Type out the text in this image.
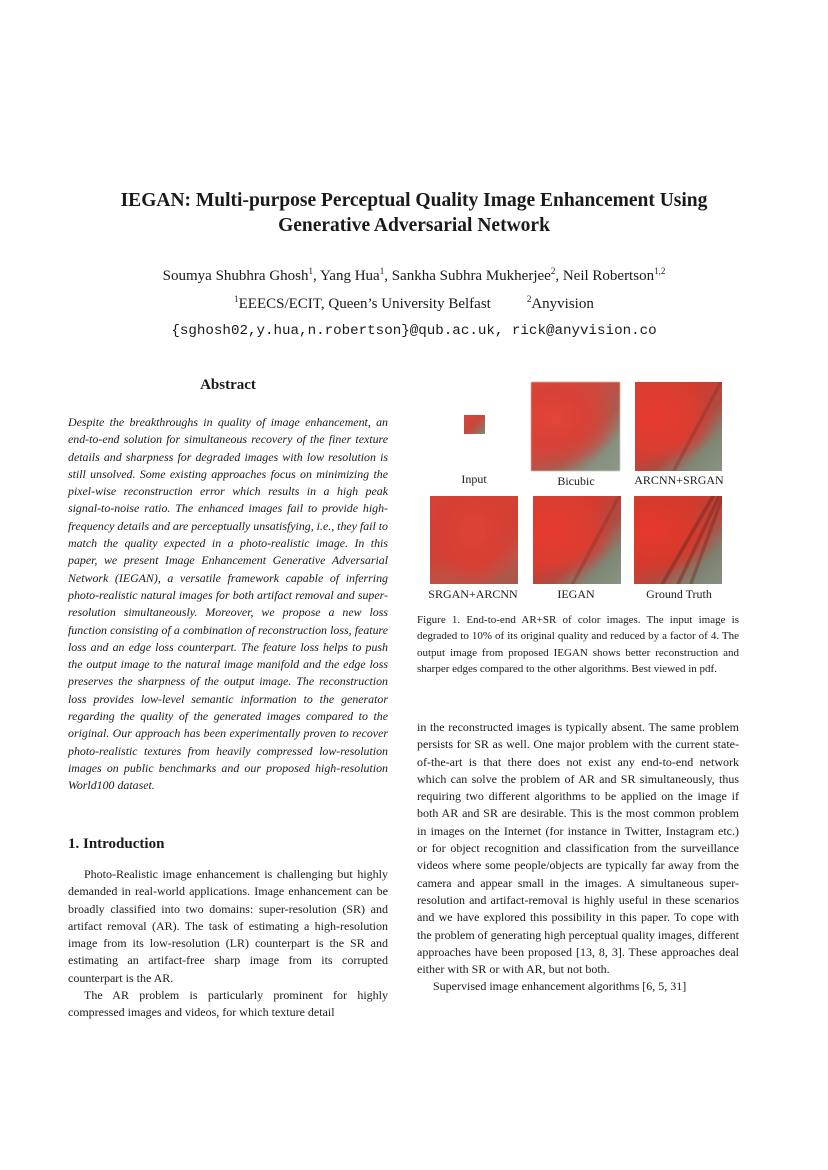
IEGAN: Multi-purpose Perceptual Quality Image Enhancement Using
Generative Adversarial Network
Soumya Shubhra Ghosh$^1$, Yang Hua$^1$, Sankha Subhra Mukherjee$^2$, Neil Robertson$^{1,2}$
$^1$EEECS/ECIT, Queen’s University Belfast	$^2$Anyvision
{sghosh02,y.hua,n.robertson}@qub.ac.uk, rick@anyvision.co
Abstract
Despite the breakthroughs in quality of image enhancement, an end-to-end solution for simultaneous recovery of the finer texture details and sharpness for degraded images with low resolution is still unsolved. Some existing approaches focus on minimizing the pixel-wise reconstruction error which results in a high peak signal-to-noise ratio. The enhanced images fail to provide high-frequency details and are perceptually unsatisfying, i.e., they fail to match the quality expected in a photo-realistic image. In this paper, we present Image Enhancement Generative Adversarial Network (IEGAN), a versatile framework capable of inferring photo-realistic natural images for both artifact removal and super-resolution simultaneously. Moreover, we propose a new loss function consisting of a combination of reconstruction loss, feature loss and an edge loss counterpart. The feature loss helps to push the output image to the natural image manifold and the edge loss preserves the sharpness of the output image. The reconstruction loss provides low-level semantic information to the generator regarding the quality of the generated images compared to the original. Our approach has been experimentally proven to recover photo-realistic textures from heavily compressed low-resolution images on public benchmarks and our proposed high-resolution World100 dataset.
1. Introduction

Photo-Realistic image enhancement is challenging but highly demanded in real-world applications. Image enhancement can be broadly classified into two domains: super-resolution (SR) and artifact removal (AR). The task of estimating a high-resolution image from its low-resolution (LR) counterpart is the SR and estimating an artifact-free sharp image from its corrupted counterpart is the AR.

The AR problem is particularly prominent for highly compressed images and videos, for which texture detail

Input	Bicubic	ARCNN+SRGAN
SRGAN+ARCNN	IEGAN	Ground Truth
Figure 1. End-to-end AR+SR of color images. The input image is degraded to 10% of its original quality and reduced by a factor of 4. The output image from proposed IEGAN shows better reconstruction and sharper edges compared to the other algorithms. Best viewed in pdf.

in the reconstructed images is typically absent. The same problem persists for SR as well. One major problem with the current state-of-the-art is that there does not exist any end-to-end network which can solve the problem of AR and SR simultaneously, thus requiring two different algorithms to be applied on the image if both AR and SR are desirable. This is the most common problem in images on the Internet (for instance in Twitter, Instagram etc.) or for object recognition and classification from the surveillance videos where some people/objects are typically far away from the camera and appear small in the images. A simultaneous super-resolution and artifact-removal is highly useful in these scenarios and we have explored this possibility in this paper. To cope with the problem of generating high perceptual quality images, different approaches have been proposed [13, 8, 3]. These approaches deal either with SR or with AR, but not both.

Supervised image enhancement algorithms [6, 5, 31]
